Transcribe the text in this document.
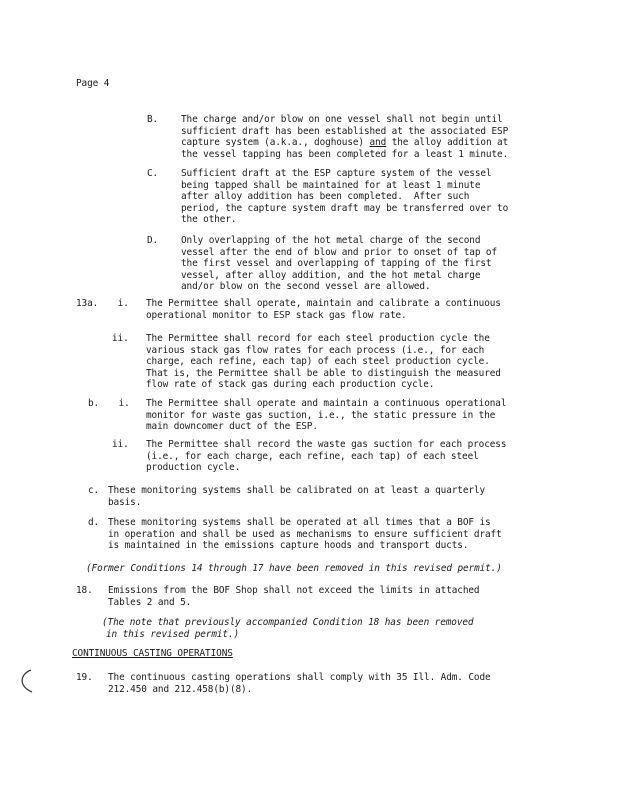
Page 4
B. The charge and/or blow on one vessel shall not begin until
sufficient draft has been established at the associated ESP
capture system (a.k.a., doghouse) and the alloy addition at
the vessel tapping has been completed for a least 1 minute.
C. Sufficient draft at the ESP capture system of the vessel
being tapped shall be maintained for at least 1 minute
after alloy addition has been completed.  After such
period, the capture system draft may be transferred over to
the other.
D. Only overlapping of the hot metal charge of the second
vessel after the end of blow and prior to onset of tap of
the first vessel and overlapping of tapping of the first
vessel, after alloy addition, and the hot metal charge
and/or blow on the second vessel are allowed.
13a. i. The Permittee shall operate, maintain and calibrate a continuous
operational monitor to ESP stack gas flow rate.
ii. The Permittee shall record for each steel production cycle the
various stack gas flow rates for each process (i.e., for each
charge, each refine, each tap) of each steel production cycle.
That is, the Permittee shall be able to distinguish the measured
flow rate of stack gas during each production cycle.
b. i. The Permittee shall operate and maintain a continuous operational
monitor for waste gas suction, i.e., the static pressure in the
main downcomer duct of the ESP.
ii. The Permittee shall record the waste gas suction for each process
(i.e., for each charge, each refine, each tap) of each steel
production cycle.
c. These monitoring systems shall be calibrated on at least a quarterly
basis.
d. These monitoring systems shall be operated at all times that a BOF is
in operation and shall be used as mechanisms to ensure sufficient draft
is maintained in the emissions capture hoods and transport ducts.
(Former Conditions 14 through 17 have been removed in this revised permit.)
18. Emissions from the BOF Shop shall not exceed the limits in attached
Tables 2 and 5.
(The note that previously accompanied Condition 18 has been removed
in this revised permit.)
CONTINUOUS CASTING OPERATIONS
19. The continuous casting operations shall comply with 35 Ill. Adm. Code
212.450 and 212.458(b)(8).
